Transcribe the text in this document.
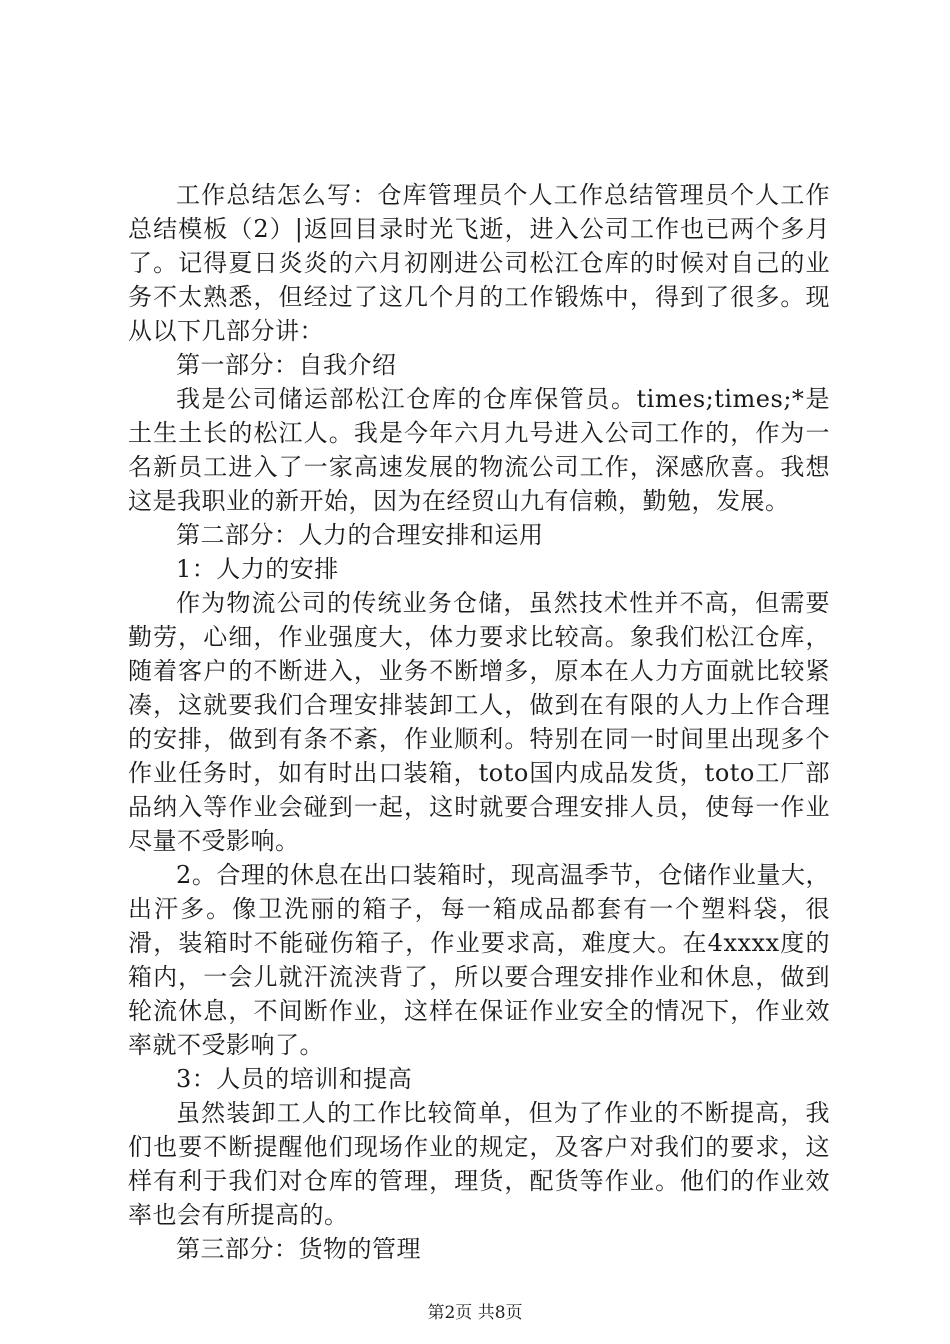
工作总结怎么写：仓库管理员个人工作总结管理员个人工作总结模板（2）|返回目录时光飞逝，进入公司工作也已两个多月了。记得夏日炎炎的六月初刚进公司松江仓库的时候对自己的业务不太熟悉，但经过了这几个月的工作锻炼中，得到了很多。现从以下几部分讲：

第一部分：自我介绍

我是公司储运部松江仓库的仓库保管员。times;times;*是土生土长的松江人。我是今年六月九号进入公司工作的，作为一名新员工进入了一家高速发展的物流公司工作，深感欣喜。我想这是我职业的新开始，因为在经贸山九有信赖，勤勉，发展。

第二部分：人力的合理安排和运用

1：人力的安排

作为物流公司的传统业务仓储，虽然技术性并不高，但需要勤劳，心细，作业强度大，体力要求比较高。象我们松江仓库，随着客户的不断进入，业务不断增多，原本在人力方面就比较紧凑，这就要我们合理安排装卸工人，做到在有限的人力上作合理的安排，做到有条不紊，作业顺利。特别在同一时间里出现多个作业任务时，如有时出口装箱，toto国内成品发货，toto工厂部品纳入等作业会碰到一起，这时就要合理安排人员，使每一作业尽量不受影响。

2。合理的休息在出口装箱时，现高温季节，仓储作业量大，出汗多。像卫洗丽的箱子，每一箱成品都套有一个塑料袋，很滑，装箱时不能碰伤箱子，作业要求高，难度大。在4xxxx度的箱内，一会儿就汗流浃背了，所以要合理安排作业和休息，做到轮流休息，不间断作业，这样在保证作业安全的情况下，作业效率就不受影响了。

3：人员的培训和提高

虽然装卸工人的工作比较简单，但为了作业的不断提高，我们也要不断提醒他们现场作业的规定，及客户对我们的要求，这样有利于我们对仓库的管理，理货，配货等作业。他们的作业效率也会有所提高的。

第三部分：货物的管理

第2页 共8页
